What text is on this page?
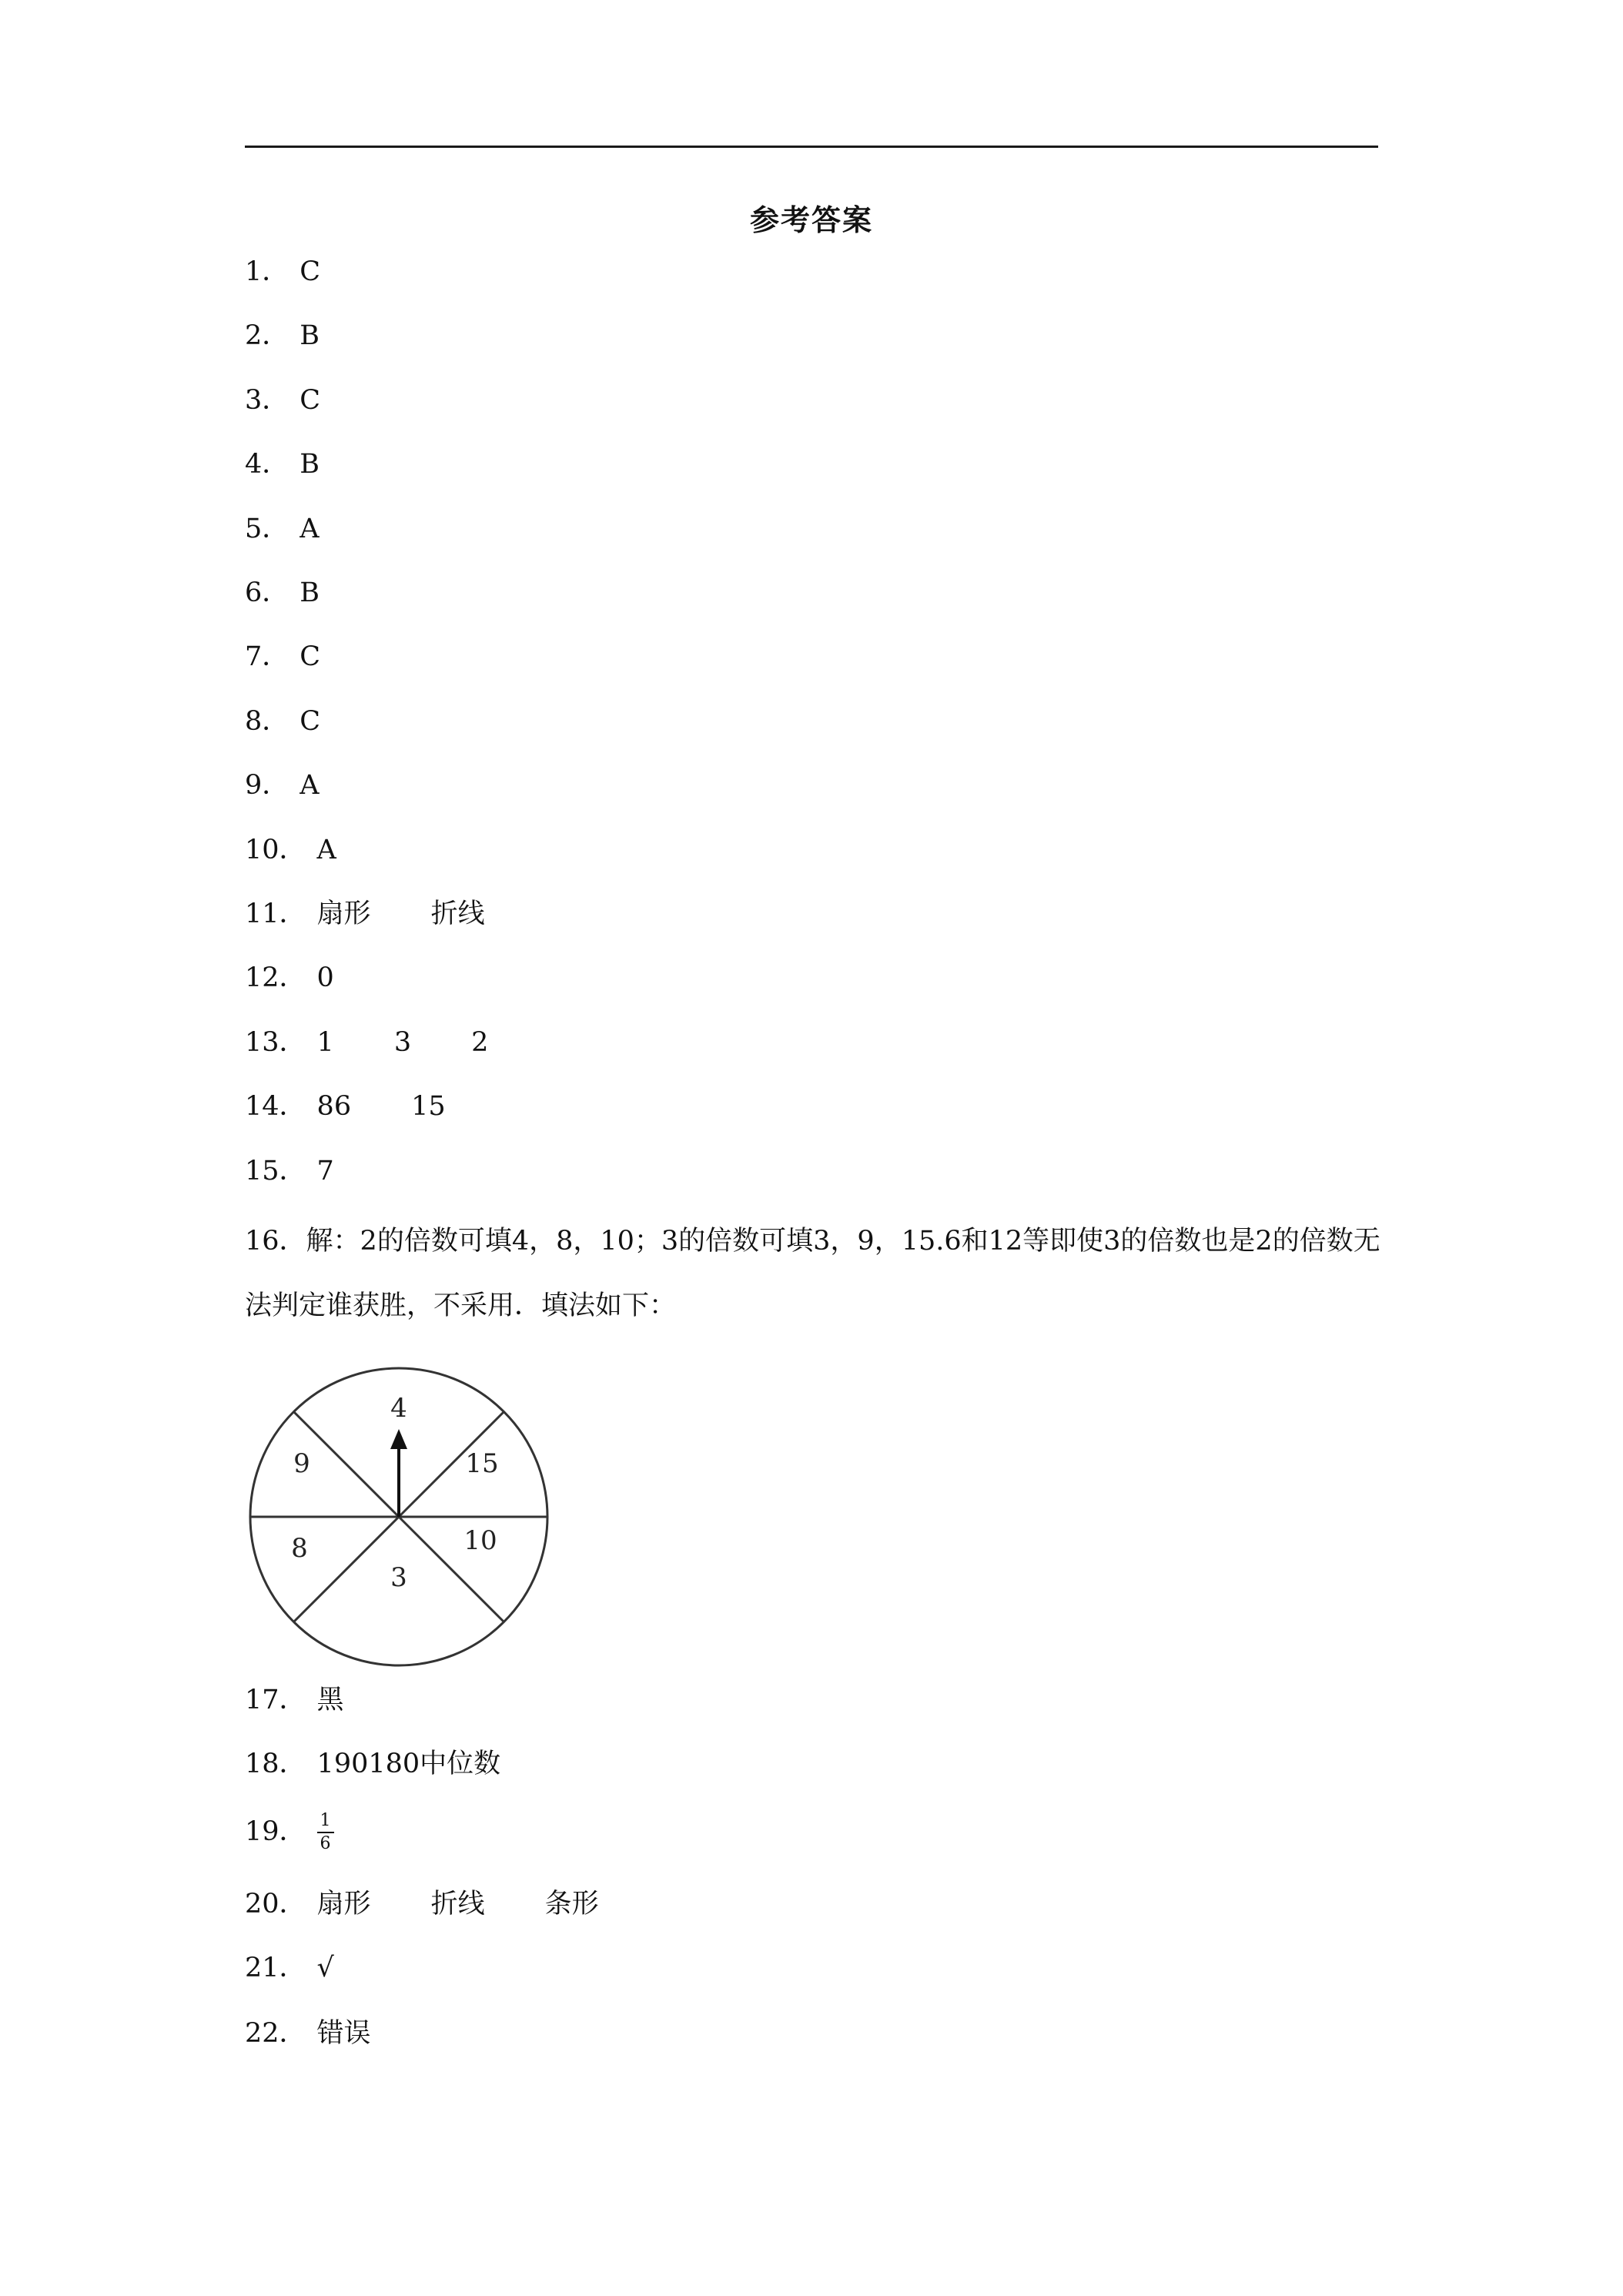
参考答案
1． C
2． B
3． C
4． B
5． A
6． B
7． C
8． C
9． A
10． A
11． 扇形 折线
12． 0
13． 1 3 2
14． 86 15
15． 7
16．解：2的倍数可填4，8，10；3的倍数可填3，9，15.6和12等即使3的倍数也是2的倍数无法判定谁获胜，不采用．填法如下：
4
15
10
3
8
9
17． 黑
18． 190180中位数
19． $\frac{1}{6}$
20． 扇形 折线 条形
21． √
22． 错误
